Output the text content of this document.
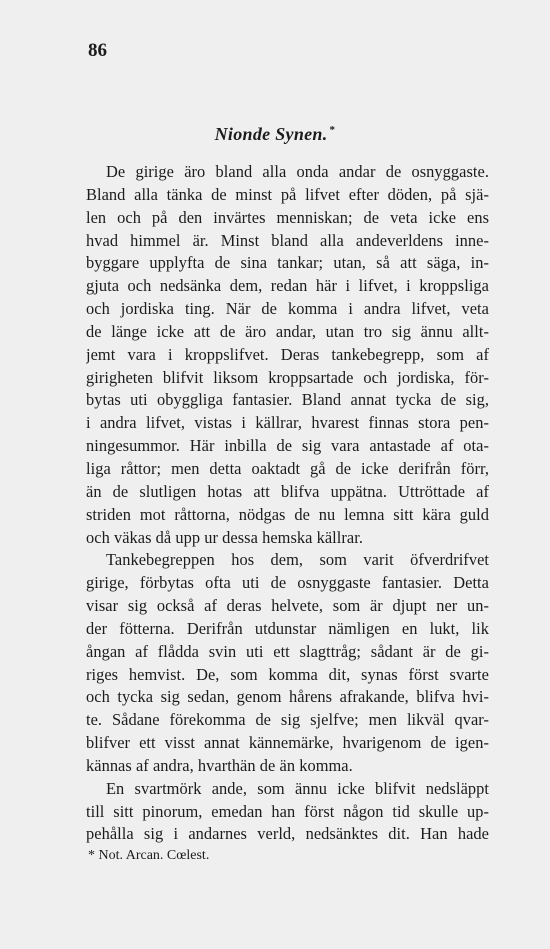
86
Nionde Synen. *
De girige äro bland alla onda andar de osnyggaste.
Bland alla tänka de minst på lifvet efter döden, på sjä-
len och på den invärtes menniskan; de veta icke ens
hvad himmel är. Minst bland alla andeverldens inne-
byggare upplyfta de sina tankar; utan, så att säga, in-
gjuta och nedsänka dem, redan här i lifvet, i kroppsliga
och jordiska ting. När de komma i andra lifvet, veta
de länge icke att de äro andar, utan tro sig ännu allt-
jemt vara i kroppslifvet. Deras tankebegrepp, som af
girigheten blifvit liksom kroppsartade och jordiska, för-
bytas uti obyggliga fantasier. Bland annat tycka de sig,
i andra lifvet, vistas i källrar, hvarest finnas stora pen-
ningesummor. Här inbilla de sig vara antastade af ota-
liga råttor; men detta oaktadt gå de icke derifrån förr,
än de slutligen hotas att blifva uppätna. Uttröttade af
striden mot råttorna, nödgas de nu lemna sitt kära guld
och väkas då upp ur dessa hemska källrar.
Tankebegreppen hos dem, som varit öfverdrifvet
girige, förbytas ofta uti de osnyggaste fantasier. Detta
visar sig också af deras helvete, som är djupt ner un-
der fötterna. Derifrån utdunstar nämligen en lukt, lik
ångan af flådda svin uti ett slagttråg; sådant är de gi-
riges hemvist. De, som komma dit, synas först svarte
och tycka sig sedan, genom hårens afrakande, blifva hvi-
te. Sådane förekomma de sig sjelfve; men likväl qvar-
blifver ett visst annat kännemärke, hvarigenom de igen-
kännas af andra, hvarthän de än komma.
En svartmörk ande, som ännu icke blifvit nedsläppt
till sitt pinorum, emedan han först någon tid skulle up-
pehålla sig i andarnes verld, nedsänktes dit. Han hade
* Not. Arcan. Cœlest.
